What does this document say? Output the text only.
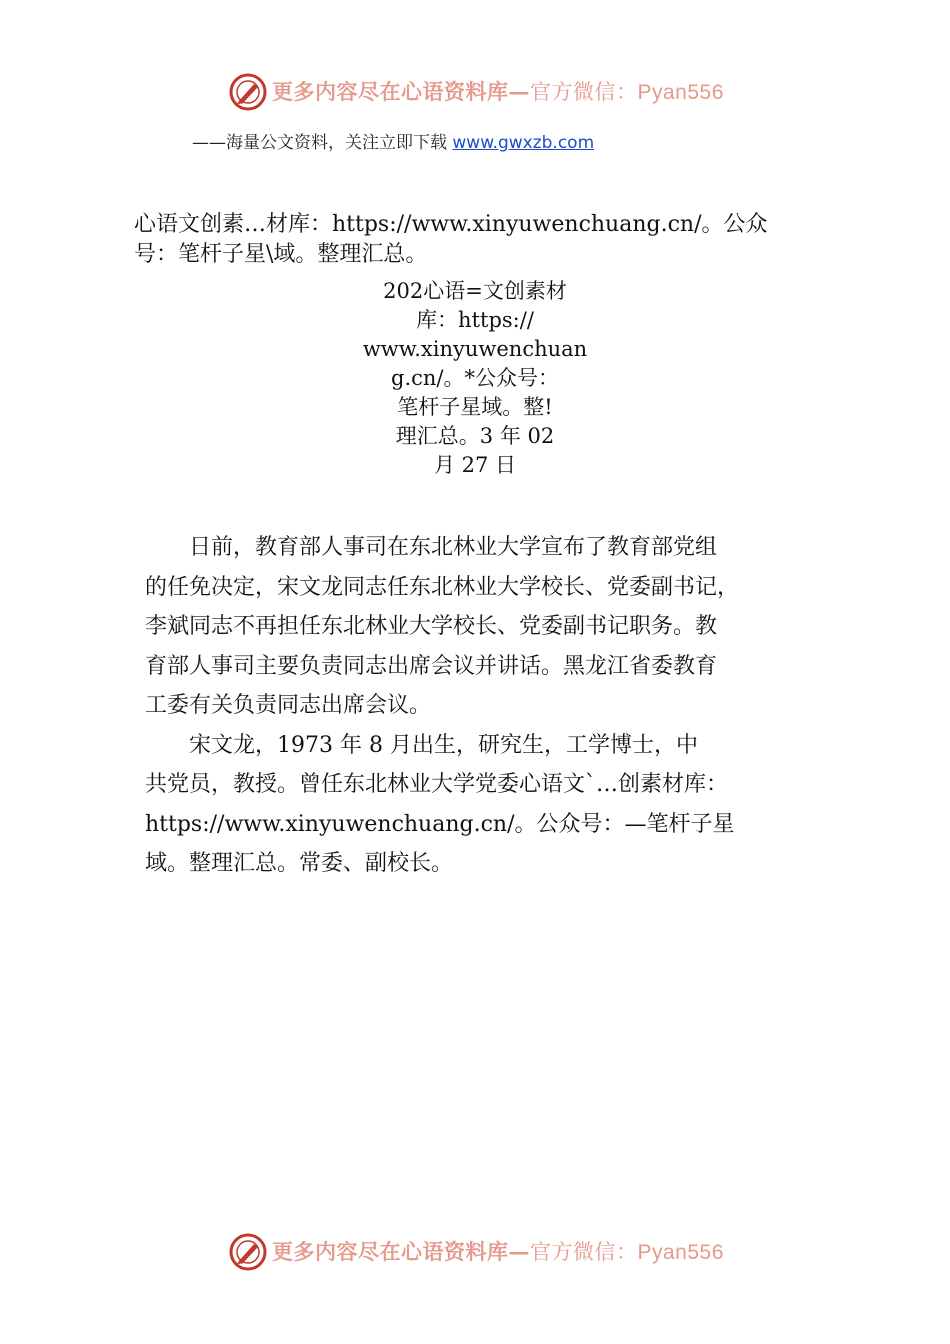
更多内容尽在心语资料库—官方微信：Pyan556
——海量公文资料，关注立即下载 www.gwxzb.com
心语文创素…材库：https://www.xinyuwenchuang.cn/。公众
号：笔杆子星\域。整理汇总。
202心语=文创素材
库：https://
www.xinyuwenchuan
g.cn/。*公众号：
笔杆子星域。整!
理汇总。3 年 02
月 27 日
　　日前，教育部人事司在东北林业大学宣布了教育部党组
的任免决定，宋文龙同志任东北林业大学校长、党委副书记，
李斌同志不再担任东北林业大学校长、党委副书记职务。教
育部人事司主要负责同志出席会议并讲话。黑龙江省委教育
工委有关负责同志出席会议。
　　宋文龙，1973 年 8 月出生，研究生，工学博士，中
共党员，教授。曾任东北林业大学党委心语文`…创素材库：
https://www.xinyuwenchuang.cn/。公众号：—笔杆子星
域。整理汇总。常委、副校长。
更多内容尽在心语资料库—官方微信：Pyan556
